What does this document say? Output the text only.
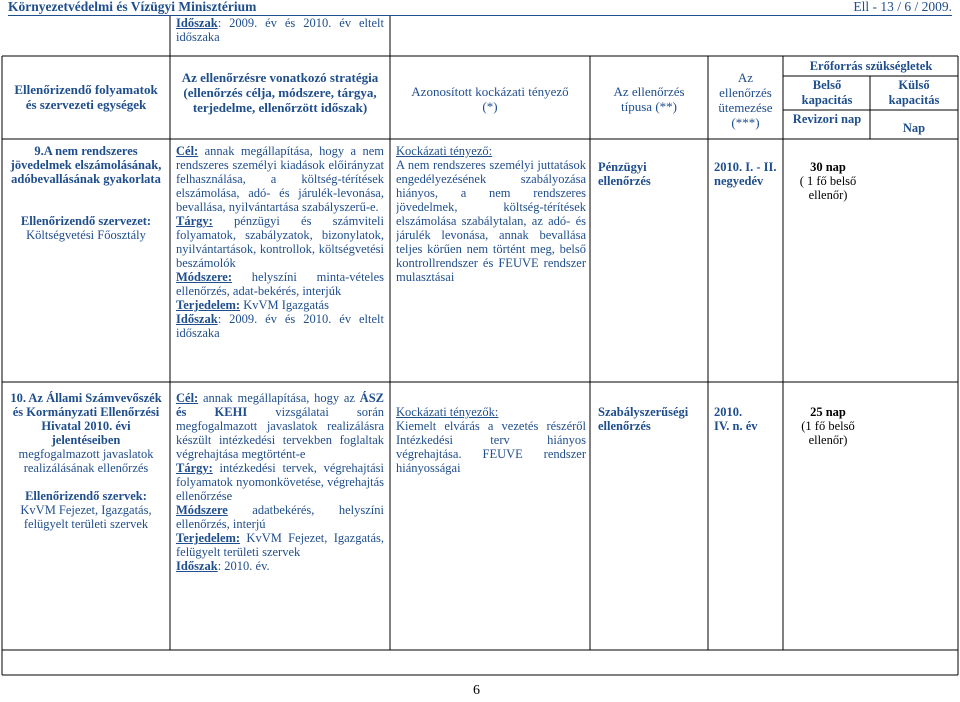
Környezetvédelmi és Vízügyi Minisztérium	Ell - 13 / 6 / 2009.
Időszak: 2009. év és 2010. év eltelt időszaka
Ellenőrizendő folyamatok
és szervezeti egységek
Az ellenőrzésre vonatkozó stratégia (ellenőrzés célja, módszere, tárgya, terjedelme, ellenőrzött időszak)
Azonosított kockázati tényező
(*)
Az ellenőrzés
típusa (**)
Az
ellenőrzés
ütemezése
(***)
Erőforrás szükségletek
Belső kapacitás
Külső kapacitás
Revizori nap
Nap
9.A nem rendszeres jövedelmek elszámolásának, adóbevallásának gyakorlata
Ellenőrizendő szervezet:
Költségvetési Főosztály
Cél: annak megállapítása, hogy a nem rendszeres személyi kiadások előirányzat felhasználása, a költség-térítések elszámolása, adó- és járulék-levonása, bevallása, nyilvántartása szabályszerű-e.
Tárgy: pénzügyi és számviteli folyamatok, szabályzatok, bizonylatok, nyilvántartások, kontrollok, költségvetési beszámolók
Módszere: helyszíni minta-vételes ellenőrzés, adat-bekérés, interjúk
Terjedelem: KvVM Igazgatás
Időszak: 2009. év és 2010. év eltelt időszaka
Kockázati tényező:
A nem rendszeres személyi juttatások engedélyezésének szabályozása hiányos, a nem rendszeres jövedelmek, költség-térítések elszámolása szabálytalan, az adó- és járulék levonása, annak bevallása teljes körűen nem történt meg, belső kontrollrendszer és FEUVE rendszer mulasztásai
Pénzügyi ellenőrzés
2010. I. - II. negyedév
30 nap
( 1 fő belső ellenőr)
10. Az Állami Számvevőszék és Kormányzati Ellenőrzési Hivatal 2010. évi jelentéseiben
megfogalmazott javaslatok realizálásának ellenőrzés
Ellenőrizendő szervek:
KvVM Fejezet, Igazgatás, felügyelt területi szervek
Cél: annak megállapítása, hogy az ÁSZ és KEHI vizsgálatai során megfogalmazott javaslatok realizálásra készült intézkedési tervekben foglaltak végrehajtása megtörtént-e
Tárgy: intézkedési tervek, végrehajtási folyamatok nyomonkövetése, végrehajtás ellenőrzése
Módszere adatbekérés, helyszíni ellenőrzés, interjú
Terjedelem: KvVM Fejezet, Igazgatás, felügyelt területi szervek
Időszak: 2010. év.
Kockázati tényezők:
Kiemelt elvárás a vezetés részéről Intézkedési terv hiányos végrehajtása. FEUVE rendszer hiányosságai
Szabályszerűségi ellenőrzés
2010.
IV. n. év
25 nap
(1 fő belső ellenőr)
6
